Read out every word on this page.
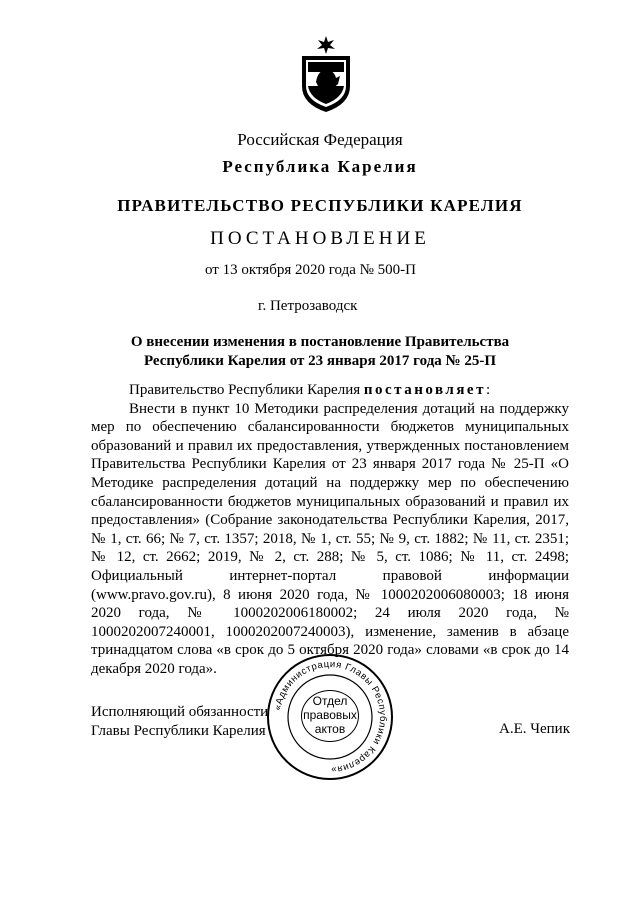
Российская Федерация
Республика Карелия
ПРАВИТЕЛЬСТВО РЕСПУБЛИКИ КАРЕЛИЯ
ПОСТАНОВЛЕНИЕ
от 13 октября 2020 года № 500-П
г. Петрозаводск
О внесении изменения в постановление Правительства
Республики Карелия от 23 января 2017 года № 25-П

Правительство Республики Карелия постановляет:

Внести в пункт 10 Методики распределения дотаций на поддержку мер по обеспечению сбалансированности бюджетов муниципальных образований и правил их предоставления, утвержденных постановлением Правительства Республики Карелия от 23 января 2017 года № 25-П «О Методике распределения дотаций на поддержку мер по обеспечению сбалансированности бюджетов муниципальных образований и правил их предоставления» (Собрание законодательства Республики Карелия, 2017, № 1, ст. 66; № 7, ст. 1357; 2018, № 1, ст. 55; № 9, ст. 1882; № 11, ст. 2351; № 12, ст. 2662; 2019, № 2, ст. 288; № 5, ст. 1086; № 11, ст. 2498; Официальный интернет-портал правовой информации (www.pravo.gov.ru), 8 июня 2020 года, № 1000202006080003; 18 июня 2020 года, № 1000202006180002; 24 июля 2020 года, № 1000202007240001, 1000202007240003), изменение, заменив в абзаце тринадцатом слова «в срок до 5 октября 2020 года» словами «в срок до 14 декабря 2020 года».

Исполняющий обязанности
Главы Республики Карелия	А.Е. Чепик
«Администрация Главы Республики Карелия»
Отдел
правовых
актов
